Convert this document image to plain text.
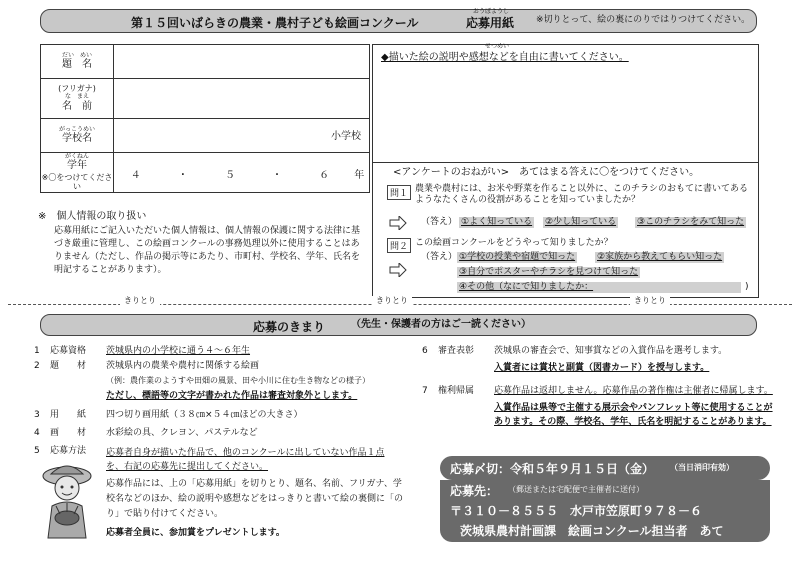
第１５回いばらきの農業・農村子ども絵画コンクール
おうぼようし
応募用紙 ※切りとって、絵の裏にのりではりつけてください。
だい　めい
題　名	

(フリガナ)
な　まえ
名　前	

がっこうめい
学校名	小学校

がくねん
学年
※〇をつけてください	４ ・ ５ ・ ６ 年
せつめい
◆描いた絵の説明や感想などを自由に書いてください。
<アンケートのおねがい>　あてはまる答えに〇をつけてください。
問１ 農業や農村には、お米や野菜を作ること以外に、このチラシのおもてに書いてあるようなたくさんの役割があることを知っていましたか？
（答え） ①よく知っている ②少し知っている ③このチラシをみて知った
問２ この絵画コンクールをどうやって知りましたか？
（答え） ①学校の授業や宿題で知った ②家族から教えてもらい知った
③自分でポスターやチラシを見つけて知った
④その他（なにで知りましたか：	)
※　個人情報の取り扱い
応募用紙にご記入いただいた個人情報は、個人情報の保護に関する法律に基づき厳重に管理し、この絵画コンクールの事務処理以外に使用することはありません（ただし、作品の掲示等にあたり、市町村、学校名、学年、氏名を明記することがあります）。
きりとり	きりとり	きりとり
応募のきまり	（先生・保護者の方はご一読ください）
1 応募資格 茨城県内の小学校に通う４～６年生
2 題　　材 茨城県内の農業や農村に関係する絵画
（例：農作業のようすや田畑の風景、田や小川に住む生き物などの様子）
ただし、標語等の文字が書かれた作品は審査対象外とします。
3 用　　紙 四つ切り画用紙（３８㎝×５４㎝ほどの大きさ）
4 画　　材 水彩絵の具、クレヨン、パステルなど
5 応募方法 応募者自身が描いた作品で、他のコンクールに出していない作品１点を、右記の応募先に提出してください。
応募作品には、上の「応募用紙」を切りとり、題名、名前、フリガナ、学校名などのほか、絵の説明や感想などをはっきりと書いて絵の裏側に「のり」で貼り付けてください。
応募者全員に、参加賞をプレゼントします。
6 審査表彰 茨城県の審査会で、知事賞などの入賞作品を選考します。
入賞者には賞状と副賞（図書カード）を授与します。
7 権利帰属 応募作品は返却しません。応募作品の著作権は主催者に帰属します。
入賞作品は県等で主催する展示会やパンフレット等に使用することがあります。その際、学校名、学年、氏名を明記することがあります。
応募〆切：令和５年９月１５日（金） （当日消印有効）
応募先： （郵送または宅配便で主催者に送付）
〒３１０－８５５５　水戸市笠原町９７８－６
茨城県農村計画課　絵画コンクール担当者　あて
